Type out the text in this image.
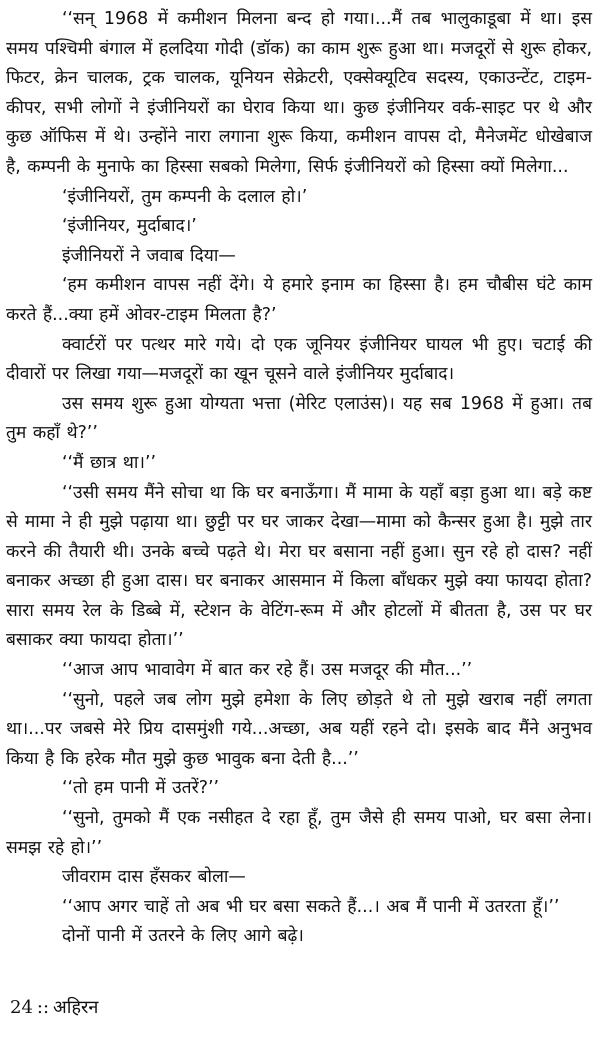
‘‘सन् 1968 में कमीशन मिलना बन्द हो गया।...मैं तब भालुकाडूबा में था। इस समय पश्चिमी बंगाल में हलदिया गोदी (डॉक) का काम शुरू हुआ था। मजदूरों से शुरू होकर, फिटर, क्रेन चालक, ट्रक चालक, यूनियन सेक्रेटरी, एक्सेक्यूटिव सदस्य, एकाउन्टेंट, टाइम-कीपर, सभी लोगों ने इंजीनियरों का घेराव किया था। कुछ इंजीनियर वर्क-साइट पर थे और कुछ ऑफिस में थे। उन्होंने नारा लगाना शुरू किया, कमीशन वापस दो, मैनेजमेंट धोखेबाज है, कम्पनी के मुनाफे का हिस्सा सबको मिलेगा, सिर्फ इंजीनियरों को हिस्सा क्यों मिलेगा...

‘इंजीनियरों, तुम कम्पनी के दलाल हो।’

‘इंजीनियर, मुर्दाबाद।’

इंजीनियरों ने जवाब दिया—

‘हम कमीशन वापस नहीं देंगे। ये हमारे इनाम का हिस्सा है। हम चौबीस घंटे काम करते हैं...क्या हमें ओवर-टाइम मिलता है?’

क्वार्टरों पर पत्थर मारे गये। दो एक जूनियर इंजीनियर घायल भी हुए। चटाई की दीवारों पर लिखा गया—मजदूरों का खून चूसने वाले इंजीनियर मुर्दाबाद।

उस समय शुरू हुआ योग्यता भत्ता (मेरिट एलाउंस)। यह सब 1968 में हुआ। तब तुम कहाँ थे?’’

‘‘मैं छात्र था।’’

‘‘उसी समय मैंने सोचा था कि घर बनाऊँगा। मैं मामा के यहाँ बड़ा हुआ था। बड़े कष्ट से मामा ने ही मुझे पढ़ाया था। छुट्टी पर घर जाकर देखा—मामा को कैन्सर हुआ है। मुझे तार करने की तैयारी थी। उनके बच्चे पढ़ते थे। मेरा घर बसाना नहीं हुआ। सुन रहे हो दास? नहीं बनाकर अच्छा ही हुआ दास। घर बनाकर आसमान में किला बाँधकर मुझे क्या फायदा होता? सारा समय रेल के डिब्बे में, स्टेशन के वेटिंग-रूम में और होटलों में बीतता है, उस पर घर बसाकर क्या फायदा होता।’’

‘‘आज आप भावावेग में बात कर रहे हैं। उस मजदूर की मौत...’’

‘‘सुनो, पहले जब लोग मुझे हमेशा के लिए छोड़ते थे तो मुझे खराब नहीं लगता था।...पर जबसे मेरे प्रिय दासमुंशी गये...अच्छा, अब यहीं रहने दो। इसके बाद मैंने अनुभव किया है कि हरेक मौत मुझे कुछ भावुक बना देती है...’’

‘‘तो हम पानी में उतरें?’’

‘‘सुनो, तुमको मैं एक नसीहत दे रहा हूँ, तुम जैसे ही समय पाओ, घर बसा लेना। समझ रहे हो।’’

जीवराम दास हँसकर बोला—

‘‘आप अगर चाहें तो अब भी घर बसा सकते हैं...। अब मैं पानी में उतरता हूँ।’’

दोनों पानी में उतरने के लिए आगे बढ़े।

24 :: अहिरन
